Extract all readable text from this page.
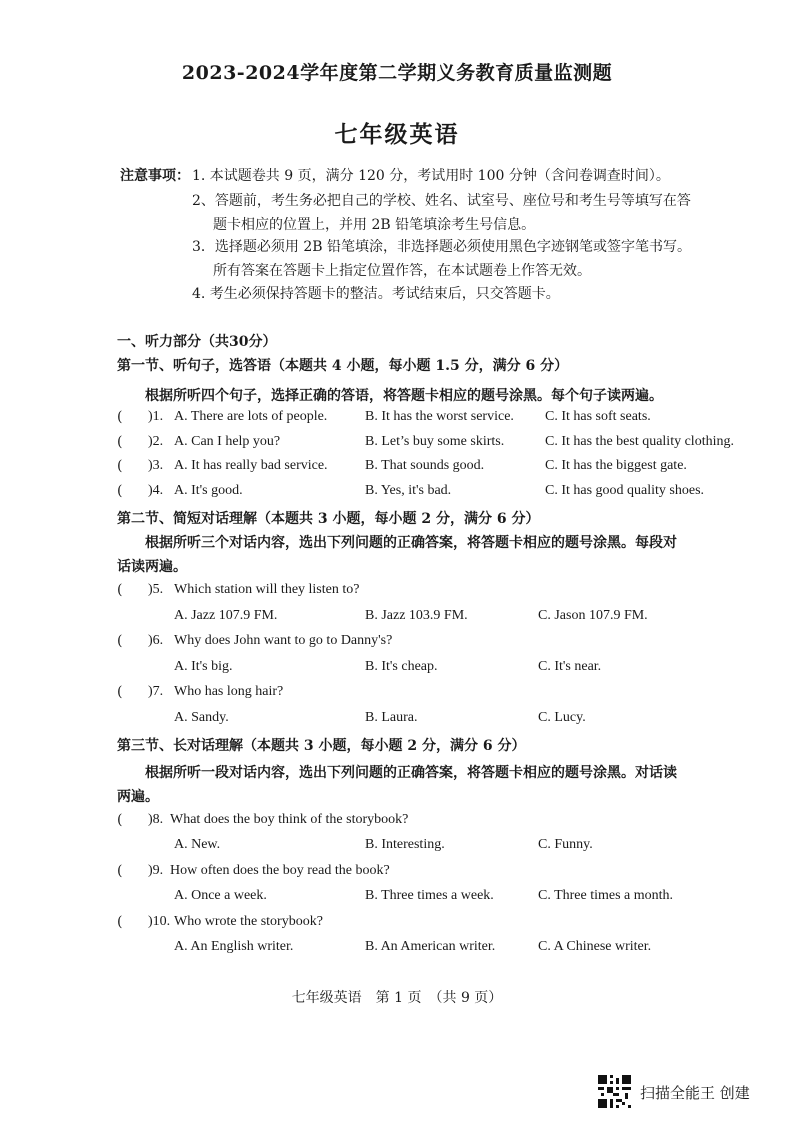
2023-2024学年度第二学期义务教育质量监测题
七年级英语
注意事项： 1. 本试题卷共 9 页，满分 120 分，考试用时 100 分钟（含问卷调查时间）。
2、答题前，考生务必把自己的学校、姓名、试室号、座位号和考生号等填写在答
题卡相应的位置上，并用 2B 铅笔填涂考生号信息。
3．选择题必须用 2B 铅笔填涂，非选择题必须使用黑色字迹钢笔或签字笔书写。
所有答案在答题卡上指定位置作答，在本试题卷上作答无效。
4. 考生必须保持答题卡的整洁。考试结束后，只交答题卡。
一、听力部分（共30分）
第一节、听句子，选答语（本题共 4 小题，每小题 1.5 分，满分 6 分）
根据所听四个句子，选择正确的答语，将答题卡相应的题号涂黑。每个句子读两遍。
( )1. A. There are lots of people.	B. It has the worst service. C. It has soft seats.
( )2. A. Can I help you?	B. Let’s buy some skirts.	C. It has the best quality clothing.
( )3. A. It has really bad service.	B. That sounds good.	C. It has the biggest gate.
( )4. A. It's good.	B. Yes, it's bad.	C. It has good quality shoes.
第二节、简短对话理解（本题共 3 小题，每小题 2 分，满分 6 分）
根据所听三个对话内容，选出下列问题的正确答案，将答题卡相应的题号涂黑。每段对
话读两遍。
( )5. Which station will they listen to?
A. Jazz 107.9 FM.	B. Jazz 103.9 FM.	C. Jason 107.9 FM.
( )6. Why does John want to go to Danny's?
A. It's big.	B. It's cheap.	C. It's near.
( )7. Who has long hair?
A. Sandy.	B. Laura.	C. Lucy.
第三节、长对话理解（本题共 3 小题，每小题 2 分，满分 6 分）
根据所听一段对话内容，选出下列问题的正确答案，将答题卡相应的题号涂黑。对话读
两遍。
( )8. What does the boy think of the storybook?
A. New.	B. Interesting.	C. Funny.
( )9. How often does the boy read the book?
A. Once a week.	B. Three times a week.	C. Three times a month.
( )10. Who wrote the storybook?
A. An English writer.	B. An American writer.	C. A Chinese writer.
七年级英语　第 1 页　（共 9 页）
扫描全能王 创建
